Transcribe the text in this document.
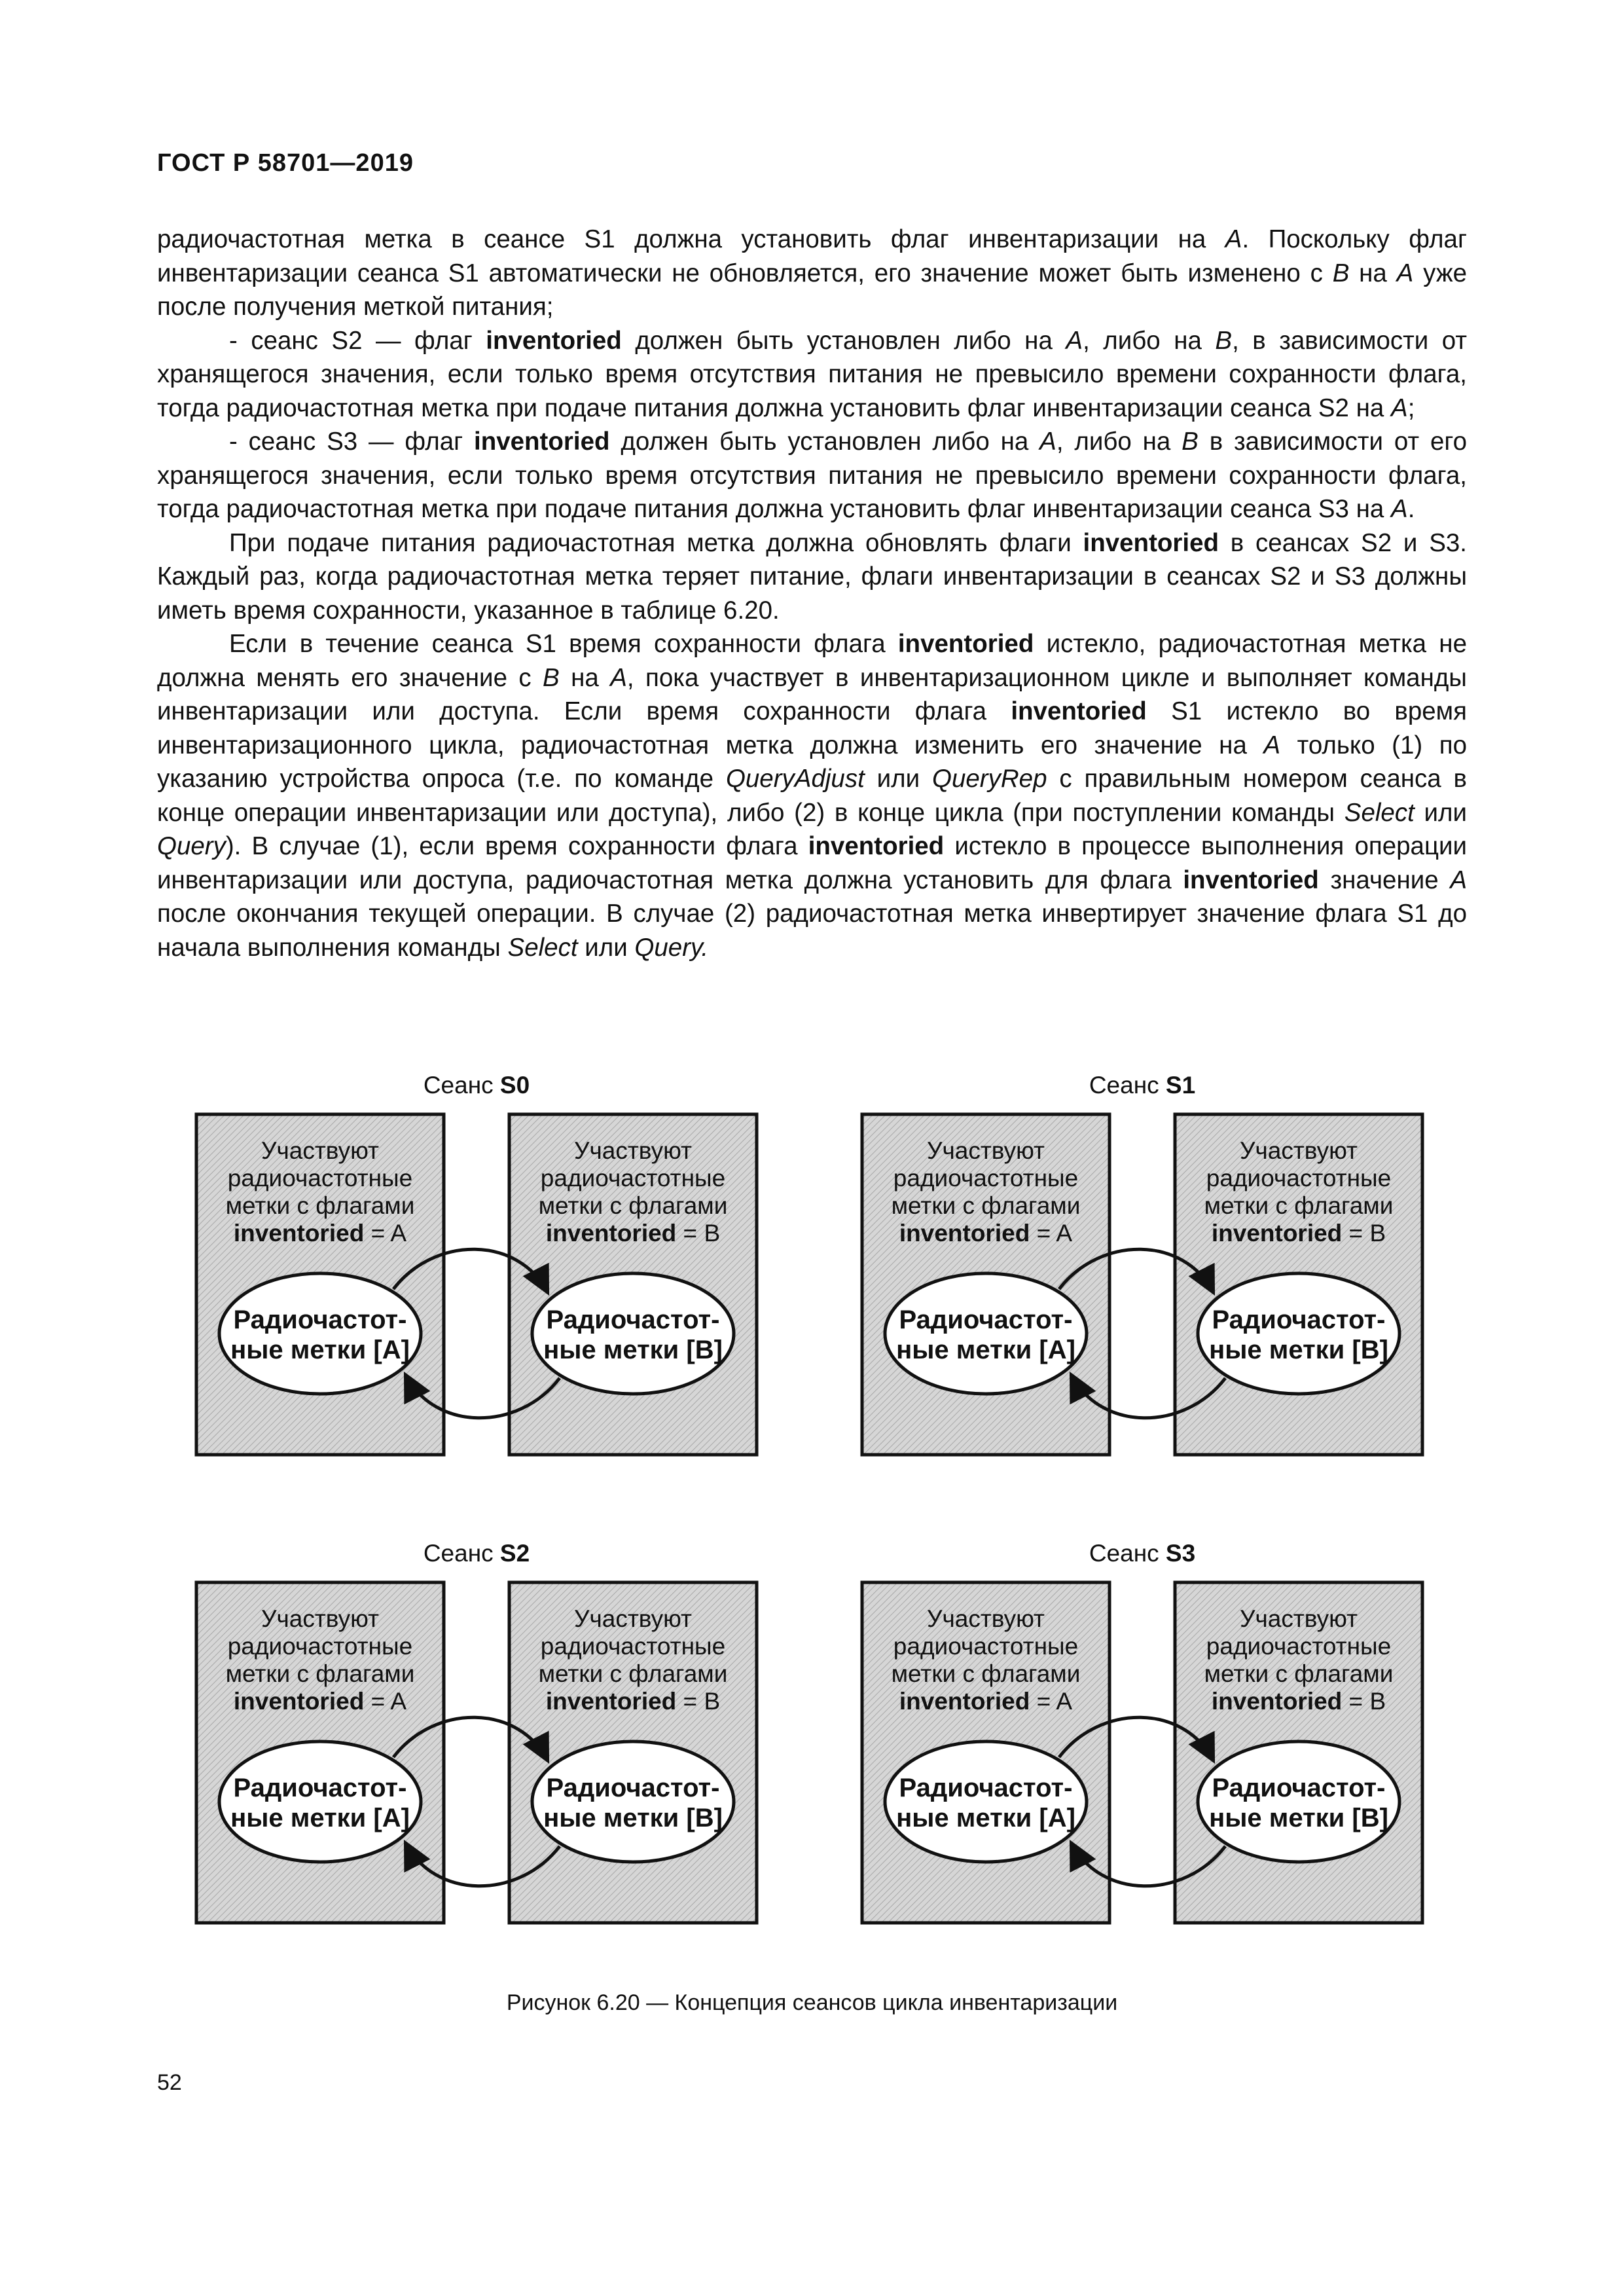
ГОСТ Р 58701—2019

радиочастотная метка в сеансе S1 должна установить флаг инвентаризации на A. Поскольку флаг инвентаризации сеанса S1 автоматически не обновляется, его значение может быть изменено с B на A уже после получения меткой питания;

- сеанс S2 — флаг inventoried должен быть установлен либо на A, либо на B, в зависимости от хранящегося значения, если только время отсутствия питания не превысило времени сохранности флага, тогда радиочастотная метка при подаче питания должна установить флаг инвентаризации сеанса S2 на A;

- сеанс S3 — флаг inventoried должен быть установлен либо на A, либо на B в зависимости от его хранящегося значения, если только время отсутствия питания не превысило времени сохранности флага, тогда радиочастотная метка при подаче питания должна установить флаг инвентаризации сеанса S3 на A.

При подаче питания радиочастотная метка должна обновлять флаги inventoried в сеансах S2 и S3. Каждый раз, когда радиочастотная метка теряет питание, флаги инвентаризации в сеансах S2 и S3 должны иметь время сохранности, указанное в таблице 6.20.

Если в течение сеанса S1 время сохранности флага inventoried истекло, радиочастотная метка не должна менять его значение с B на A, пока участвует в инвентаризационном цикле и выполняет команды инвентаризации или доступа. Если время сохранности флага inventoried S1 истекло во время инвентаризационного цикла, радиочастотная метка должна изменить его значение на A только (1) по указанию устройства опроса (т.е. по команде QueryAdjust или QueryRep с правильным номером сеанса в конце операции инвентаризации или доступа), либо (2) в конце цикла (при поступлении команды Select или Query). В случае (1), если время сохранности флага inventoried истекло в процессе выполнения операции инвентаризации или доступа, радиочастотная метка должна установить для флага inventoried значение A после окончания текущей операции. В случае (2) радиочастотная метка инвертирует значение флага S1 до начала выполнения команды Select или Query.

Сеанс S0
Участвуют
радиочастотные
метки с флагами
inventoried = A
Радиочастот-
ные метки [A]
Участвуют
радиочастотные
метки с флагами
inventoried = B
Радиочастот-
ные метки [B]
Сеанс S1
Участвуют
радиочастотные
метки с флагами
inventoried = A
Радиочастот-
ные метки [A]
Участвуют
радиочастотные
метки с флагами
inventoried = B
Радиочастот-
ные метки [B]
Сеанс S2
Участвуют
радиочастотные
метки с флагами
inventoried = A
Радиочастот-
ные метки [A]
Участвуют
радиочастотные
метки с флагами
inventoried = B
Радиочастот-
ные метки [B]
Сеанс S3
Участвуют
радиочастотные
метки с флагами
inventoried = A
Радиочастот-
ные метки [A]
Участвуют
радиочастотные
метки с флагами
inventoried = B
Радиочастот-
ные метки [B]
Рисунок 6.20 — Концепция сеансов цикла инвентаризации
52
